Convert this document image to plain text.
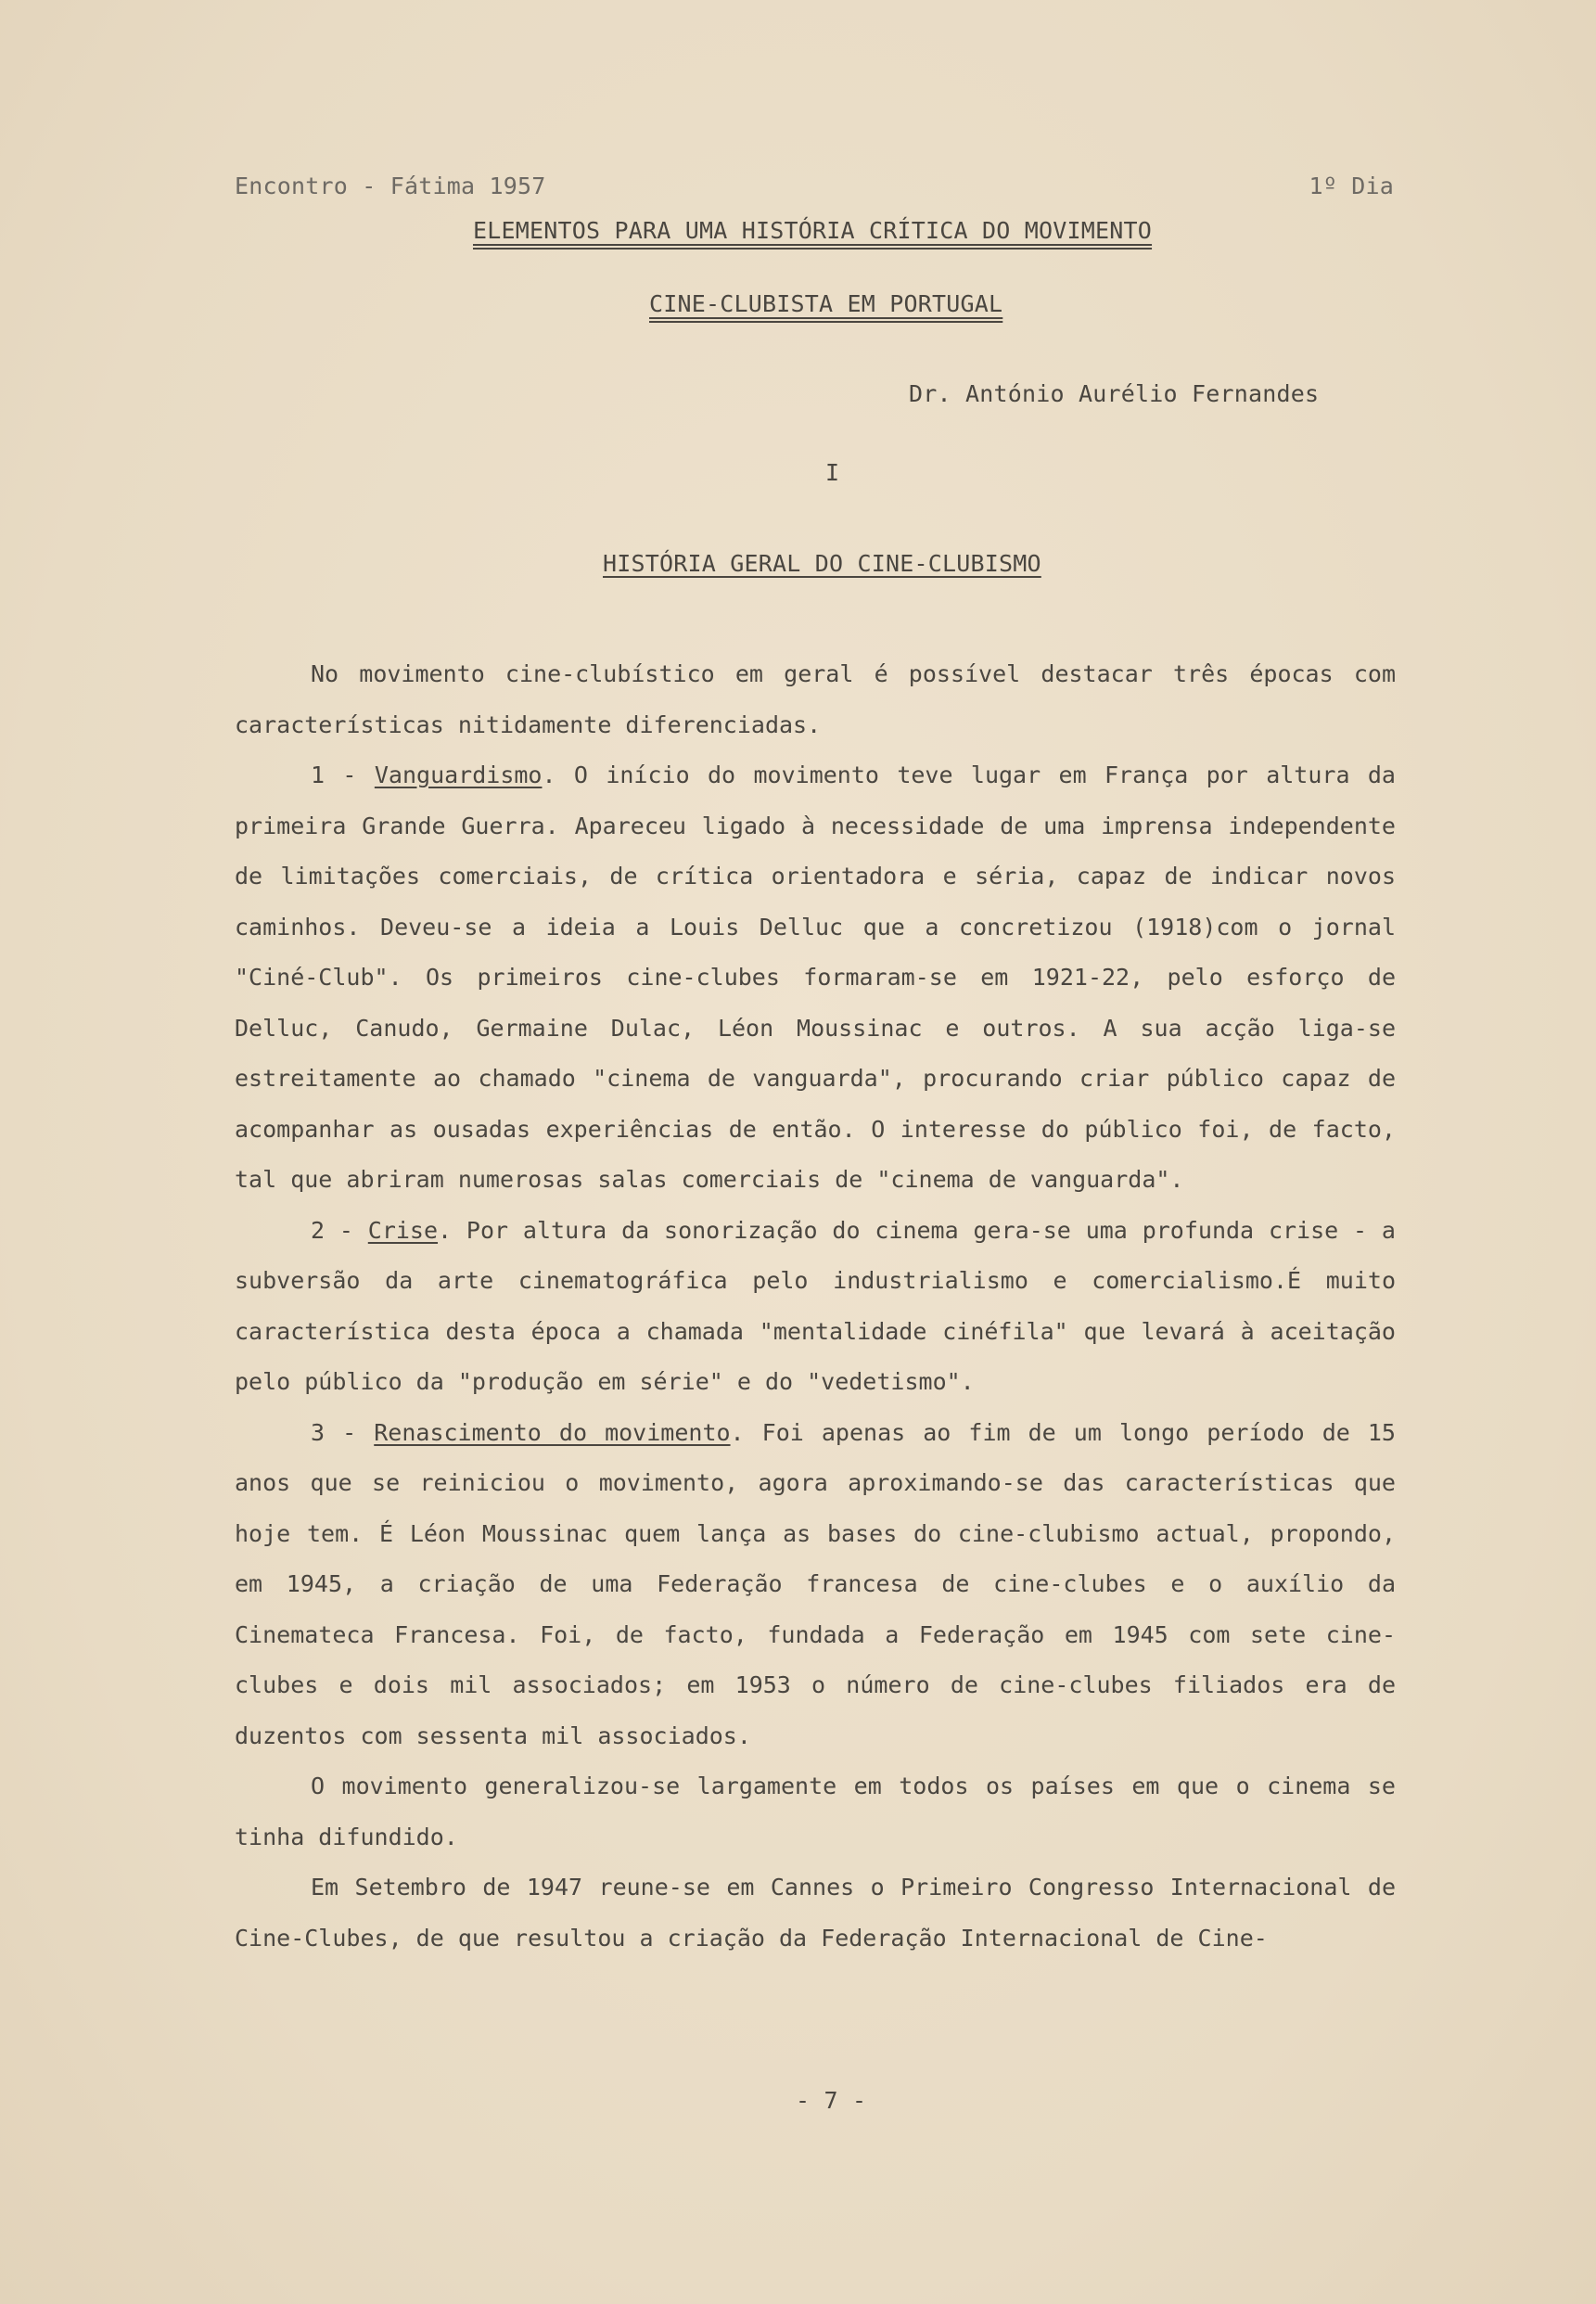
Encontro - Fátima 1957	1º Dia
ELEMENTOS PARA UMA HISTÓRIA CRÍTICA DO MOVIMENTO
CINE-CLUBISTA EM PORTUGAL
Dr. António Aurélio Fernandes
I
HISTÓRIA GERAL DO CINE-CLUBISMO

No movimento cine-clubístico em geral é possível destacar três épocas com características nitidamente diferenciadas.

1 - Vanguardismo. O início do movimento teve lugar em França por altura da primeira Grande Guerra. Apareceu ligado à necessidade de uma imprensa independente de limitações comerciais, de crítica orientadora e séria, capaz de indicar novos caminhos. Deveu-se a ideia a Louis Delluc que a concretizou (1918)com o jornal "Ciné-Club". Os primeiros cine-clubes formaram-se em 1921-22, pelo esforço de Delluc, Canudo, Germaine Dulac, Léon Moussinac e outros. A sua acção liga-se estreitamente ao chamado "cinema de vanguarda", procurando criar público capaz de acompanhar as ousadas experiências de então. O interesse do público foi, de facto, tal que abriram numerosas salas comerciais de "cinema de vanguarda".

2 - Crise. Por altura da sonorização do cinema gera-se uma profunda crise - a subversão da arte cinematográfica pelo industrialismo e comercialismo.É muito característica desta época a chamada "mentalidade cinéfila" que levará à aceitação pelo público da "produção em série" e do "vedetismo".

3 - Renascimento do movimento. Foi apenas ao fim de um longo período de 15 anos que se reiniciou o movimento, agora aproximando-se das características que hoje tem. É Léon Moussinac quem lança as bases do cine-clubismo actual, propondo, em 1945, a criação de uma Federação francesa de cine-clubes e o auxílio da Cinemateca Francesa. Foi, de facto, fundada a Federação em 1945 com sete cine-clubes e dois mil associados; em 1953 o número de cine-clubes filiados era de duzentos com sessenta mil associados.

O movimento generalizou-se largamente em todos os países em que o cinema se tinha difundido.

Em Setembro de 1947 reune-se em Cannes o Primeiro Congresso Internacional de Cine-Clubes, de que resultou a criação da Federação Internacional de Cine-

- 7 -
